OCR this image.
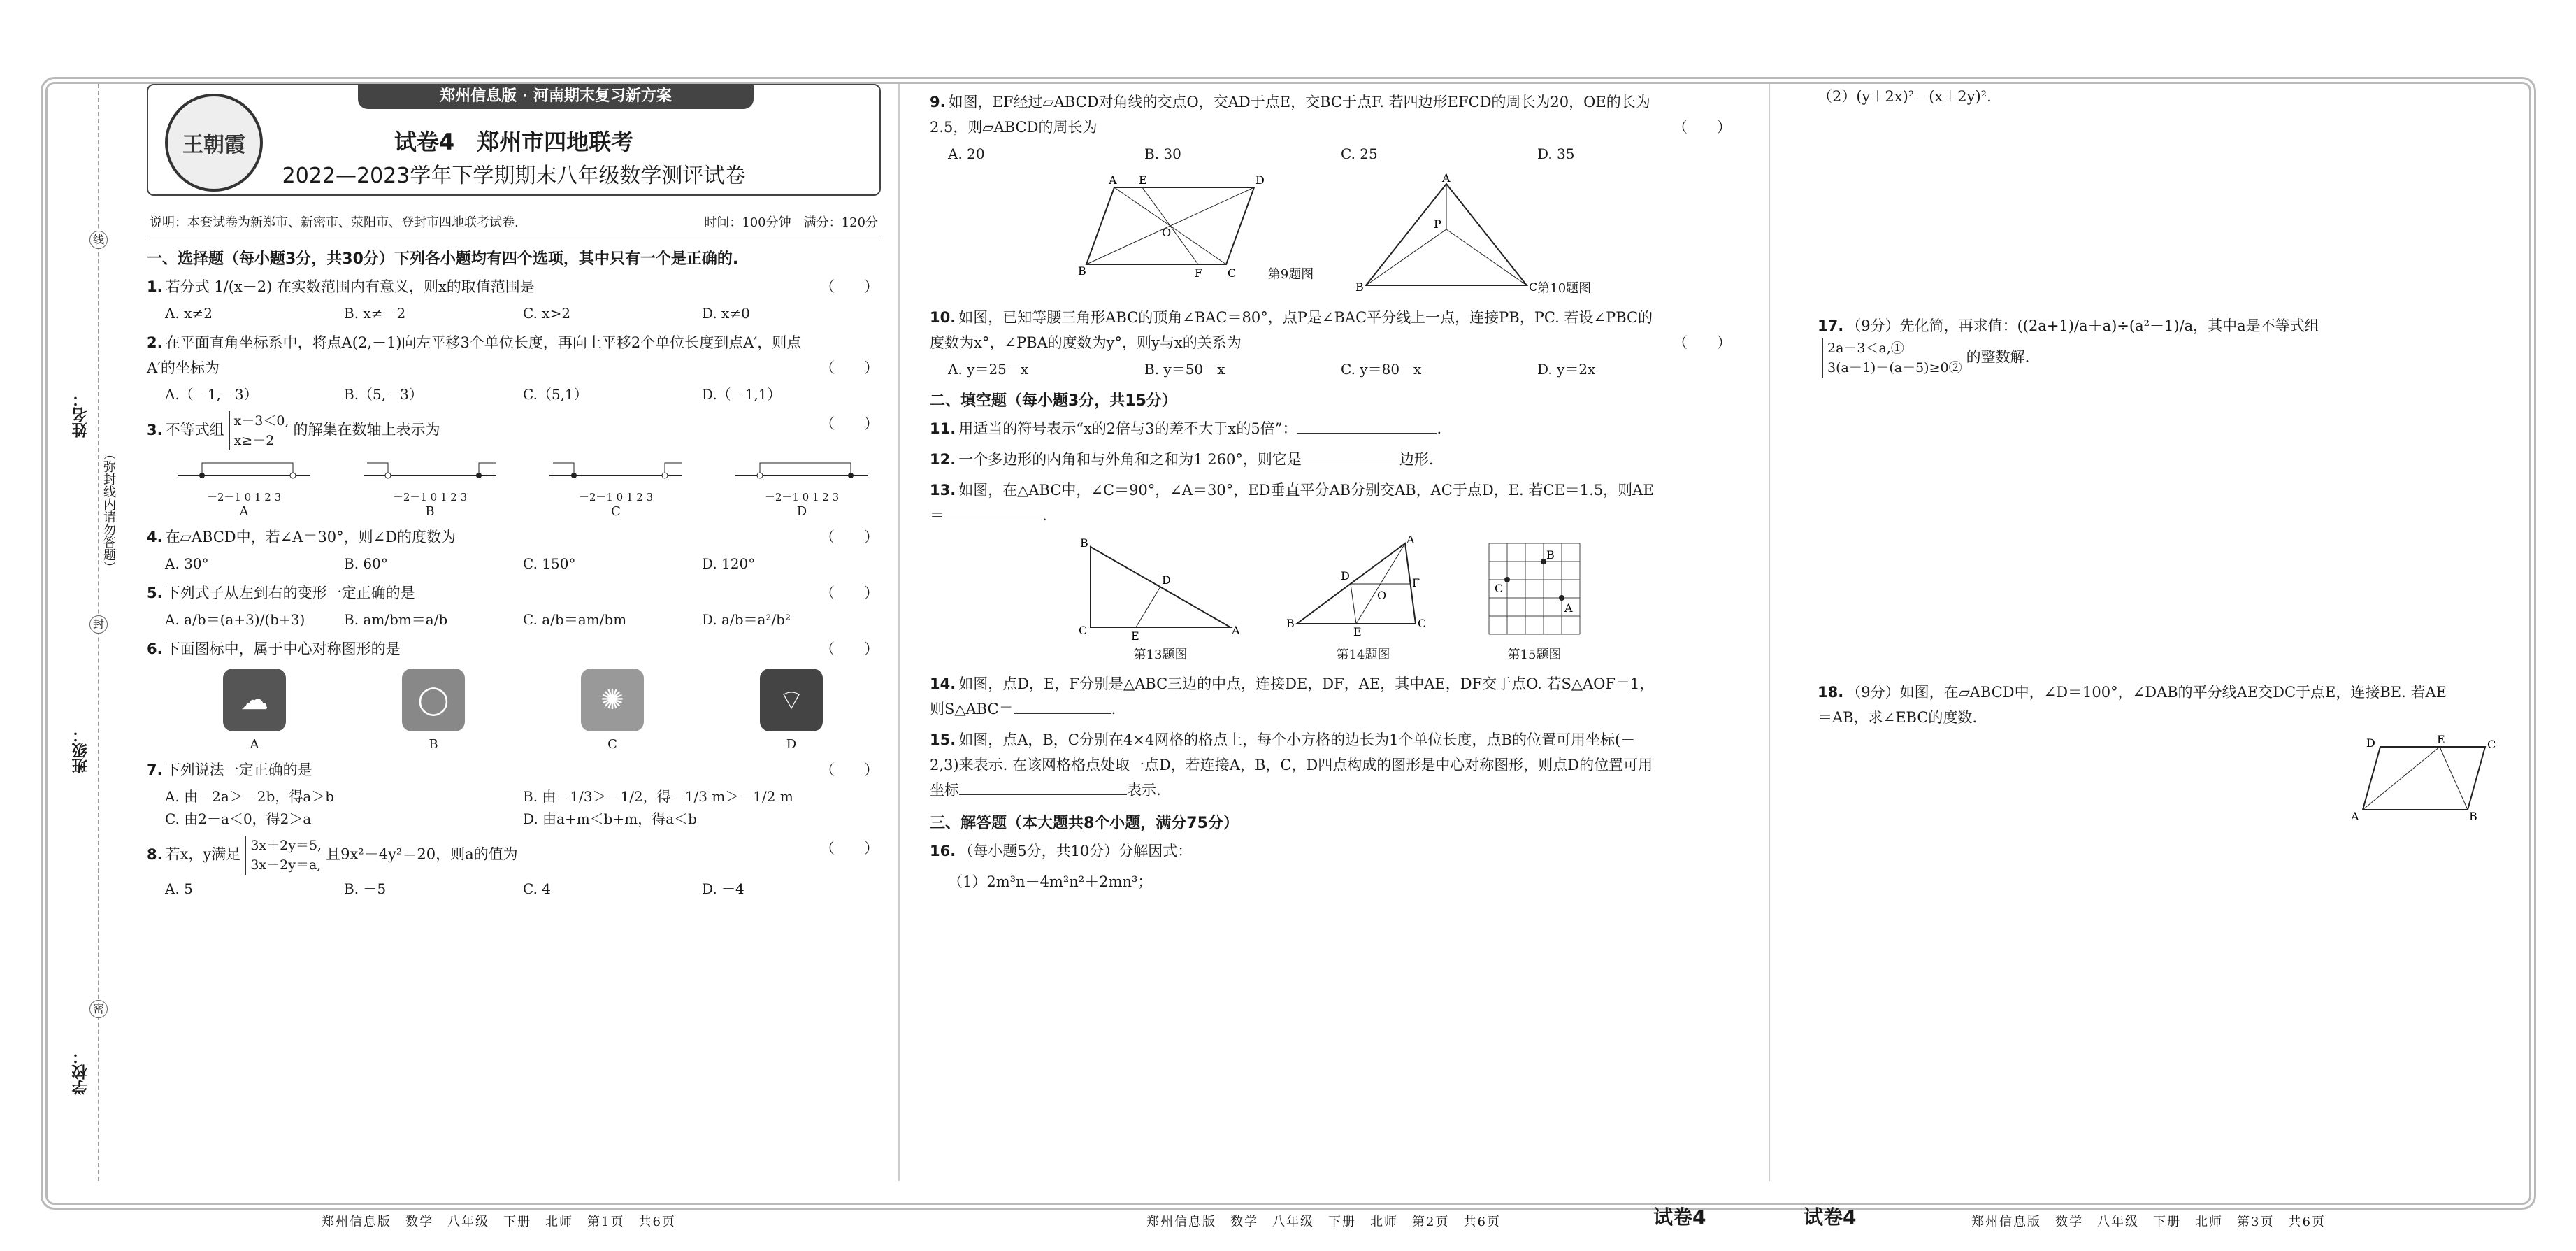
线
姓名：
（弥封线内请勿答题）
封
班级：
密
学校：
郑州信息版 · 河南期末复习新方案
王朝霞	试卷4　郑州市四地联考
2022—2023学年下学期期末八年级数学测评试卷
说明：本套试卷为新郑市、新密市、荥阳市、登封市四地联考试卷.	时间：100分钟　满分：120分
一、选择题（每小题3分，共30分）下列各小题均有四个选项，其中只有一个是正确的.
1. 若分式 1/(x－2) 在实数范围内有意义，则x的取值范围是	（　　）
A. x≠2	B. x≠－2	C. x>2	D. x≠0
2. 在平面直角坐标系中，将点A(2,－1)向左平移3个单位长度，再向上平移2个单位长度到点A′，则点A′的坐标为	（　　）
A.（－1,－3）	B.（5,－3）	C.（5,1）	D.（－1,1）
3. 不等式组x－3＜0,
x≥－2的解集在数轴上表示为	（　　）
－2－1 0 1 2 3
A
－2－1 0 1 2 3
B
－2－1 0 1 2 3
C
－2－1 0 1 2 3
D
4. 在▱ABCD中，若∠A＝30°，则∠D的度数为	（　　）
A. 30°	B. 60°	C. 150°	D. 120°
5. 下列式子从左到右的变形一定正确的是	（　　）
A. a/b＝(a+3)/(b+3)	B. am/bm＝a/b	C. a/b＝am/bm	D. a/b＝a²/b²
6. 下面图标中，属于中心对称图形的是	（　　）
☁
A
◯
B
✺
C
⌔
D
7. 下列说法一定正确的是	（　　）
A. 由－2a＞－2b，得a＞b	B. 由－1/3＞－1/2，得－1/3 m＞－1/2 m
C. 由2－a＜0，得2＞a	D. 由a+m＜b+m，得a＜b
8. 若x，y满足3x＋2y＝5,
3x－2y＝a,且9x²－4y²＝20，则a的值为	（　　）
A. 5	B. －5	C. 4	D. －4
9. 如图，EF经过▱ABCD对角线的交点O，交AD于点E，交BC于点F. 若四边形EFCD的周长为20，OE的长为2.5，则▱ABCD的周长为	（　　）
A. 20	B. 30	C. 25	D. 35
A E	D
B	F C
O
第9题图
A
P
B	C 第10题图
10. 如图，已知等腰三角形ABC的顶角∠BAC＝80°，点P是∠BAC平分线上一点，连接PB，PC. 若设∠PBC的度数为x°，∠PBA的度数为y°，则y与x的关系为	（　　）
A. y＝25－x	B. y＝50－x	C. y＝80－x	D. y＝2x
二、填空题（每小题3分，共15分）
11. 用适当的符号表示“x的2倍与3的差不大于x的5倍”：	.
12. 一个多边形的内角和与外角和之和为1 260°，则它是	边形.
13. 如图，在△ABC中，∠C＝90°，∠A＝30°，ED垂直平分AB分别交AB，AC于点D，E. 若CE＝1.5，则AE＝	.
B
C	A
D
E

第13题图
A
B	C
D
F
E
O

第14题图
B
C
A

第15题图
14. 如图，点D，E，F分别是△ABC三边的中点，连接DE，DF，AE，其中AE，DF交于点O. 若S△AOF＝1，则S△ABC＝	.
15. 如图，点A，B，C分别在4×4网格的格点上，每个小方格的边长为1个单位长度，点B的位置可用坐标(－2,3)来表示. 在该网格格点处取一点D，若连接A，B，C，D四点构成的图形是中心对称图形，则点D的位置可用坐标	表示.
三、解答题（本大题共8个小题，满分75分）
16. （每小题5分，共10分）分解因式：
（1）2m³n－4m²n²＋2mn³；
（2）(y＋2x)²－(x＋2y)².
17. （9分）先化简，再求值：((2a+1)/a＋a)÷(a²－1)/a，其中a是不等式组2a－3＜a,①
3(a－1)－(a－5)≥0②的整数解.
18. （9分）如图，在▱ABCD中，∠D＝100°，∠DAB的平分线AE交DC于点E，连接BE. 若AE＝AB，求∠EBC的度数.
D	E	C
A	B
郑州信息版　数学　八年级　下册　北师　第1页　共6页	郑州信息版　数学　八年级　下册　北师　第2页　共6页	试卷4	试卷4	郑州信息版　数学　八年级　下册　北师　第3页　共6页
